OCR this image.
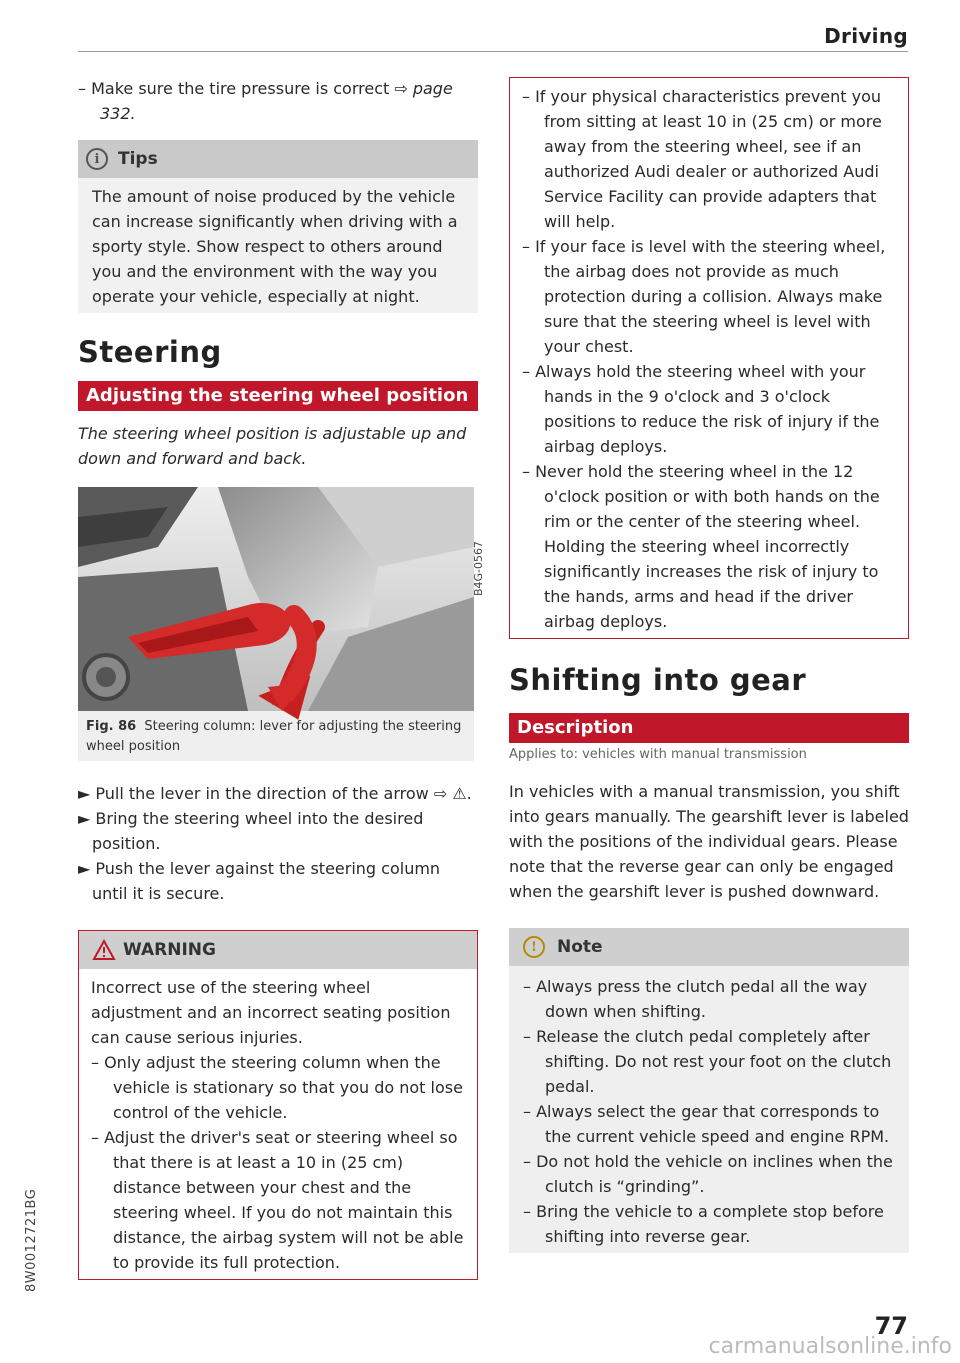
Driving

– Make sure the tire pressure is correct ⇨ page 332.

i	Tips

The amount of noise produced by the vehicle can increase significantly when driving with a sporty style. Show respect to others around you and the environment with the way you operate your vehicle, especially at night.

Steering
Adjusting the steering wheel position

The steering wheel position is adjustable up and down and forward and back.

B4G-0567
Fig. 86 Steering column: lever for adjusting the steering wheel position

► Pull the lever in the direction of the arrow ⇨ ⚠.

► Bring the steering wheel into the desired position.

► Push the lever against the steering column until it is secure.

WARNING

Incorrect use of the steering wheel adjustment and an incorrect seating position can cause serious injuries.

– Only adjust the steering column when the vehicle is stationary so that you do not lose control of the vehicle.

– Adjust the driver's seat or steering wheel so that there is at least a 10 in (25 cm) distance between your chest and the steering wheel. If you do not maintain this distance, the airbag system will not be able to provide its full protection.

– If your physical characteristics prevent you from sitting at least 10 in (25 cm) or more away from the steering wheel, see if an authorized Audi dealer or authorized Audi Service Facility can provide adapters that will help.

– If your face is level with the steering wheel, the airbag does not provide as much protection during a collision. Always make sure that the steering wheel is level with your chest.

– Always hold the steering wheel with your hands in the 9 o'clock and 3 o'clock positions to reduce the risk of injury if the airbag deploys.

– Never hold the steering wheel in the 12 o'clock position or with both hands on the rim or the center of the steering wheel. Holding the steering wheel incorrectly significantly increases the risk of injury to the hands, arms and head if the driver airbag deploys.

Shifting into gear
Description

Applies to: vehicles with manual transmission

In vehicles with a manual transmission, you shift into gears manually. The gearshift lever is labeled with the positions of the individual gears. Please note that the reverse gear can only be engaged when the gearshift lever is pushed downward.

!	Note

– Always press the clutch pedal all the way down when shifting.

– Release the clutch pedal completely after shifting. Do not rest your foot on the clutch pedal.

– Always select the gear that corresponds to the current vehicle speed and engine RPM.

– Do not hold the vehicle on inclines when the clutch is “grinding”.

– Bring the vehicle to a complete stop before shifting into reverse gear.

8W0012721BG
77
carmanualsonline.info
